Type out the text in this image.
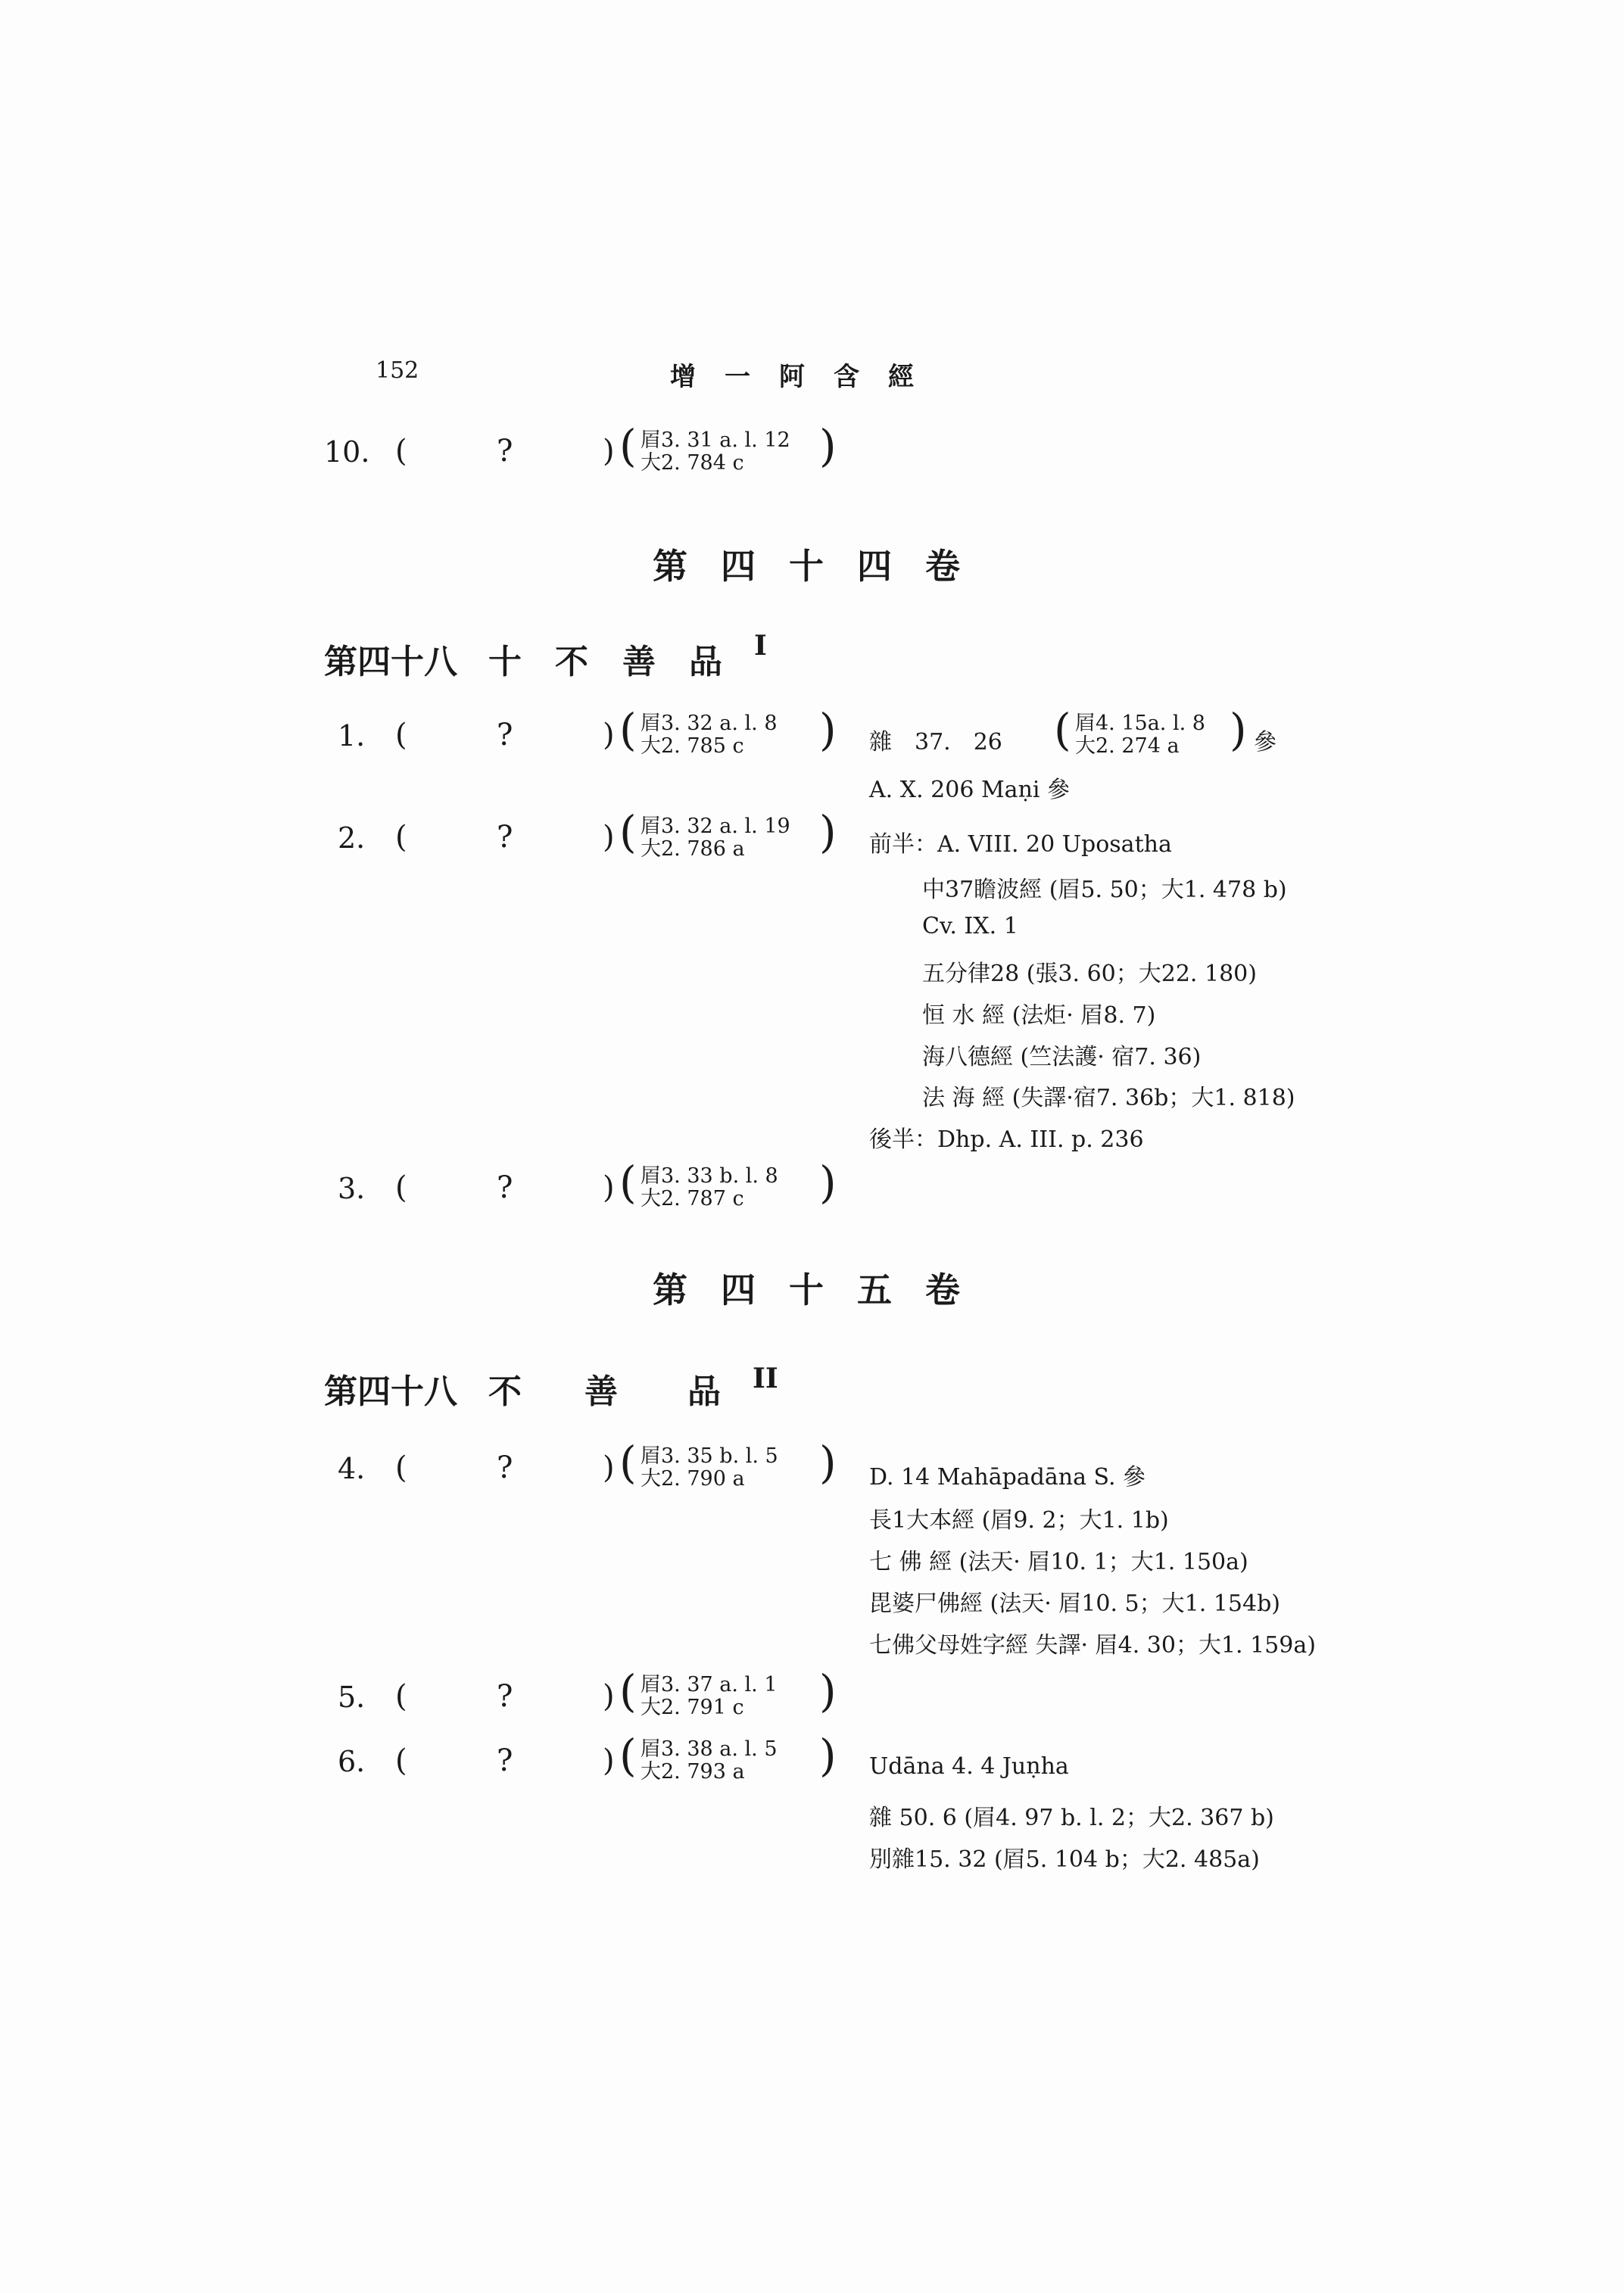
152	增一阿含經
10. (	?	) ( 㞒3. 31 a. l. 12
大2. 784 c )
第四十四卷
第四十八 十 不 善 品 I
1. (	?	) ( 㞒3. 32 a. l. 8
大2. 785 c ) 雜　37.　26 ( 㞒4. 15a. l. 8
大2. 274 a ) 參
A. X. 206 Maṇi 參
2. (	?	) ( 㞒3. 32 a. l. 19
大2. 786 a ) 前半：A. VIII. 20 Uposatha
中37瞻波經 (㞒5. 50；大1. 478 b)
Cv. IX. 1
五分律28 (張3. 60；大22. 180)
恒 水 經 (法炬· 㞒8. 7)
海八德經 (竺法護· 宿7. 36)
法 海 經 (失譯·宿7. 36b；大1. 818)
後半：Dhp. A. III. p. 236
3. (	?	) ( 㞒3. 33 b. l. 8
大2. 787 c )
第四十五卷
第四十八 不 善 品 II
4. (	?	) ( 㞒3. 35 b. l. 5
大2. 790 a ) D. 14 Mahāpadāna S. 參
長1大本經 (㞒9. 2；大1. 1b)
七 佛 經 (法天· 㞒10. 1；大1. 150a)
毘婆尸佛經 (法天· 㞒10. 5；大1. 154b)
七佛父母姓字經 失譯· 㞒4. 30；大1. 159a)
5. (	?	) ( 㞒3. 37 a. l. 1
大2. 791 c )
6. (	?	) ( 㞒3. 38 a. l. 5
大2. 793 a ) Udāna 4. 4 Juṇha
雜 50. 6 (㞒4. 97 b. l. 2；大2. 367 b)
別雜15. 32 (㞒5. 104 b；大2. 485a)
